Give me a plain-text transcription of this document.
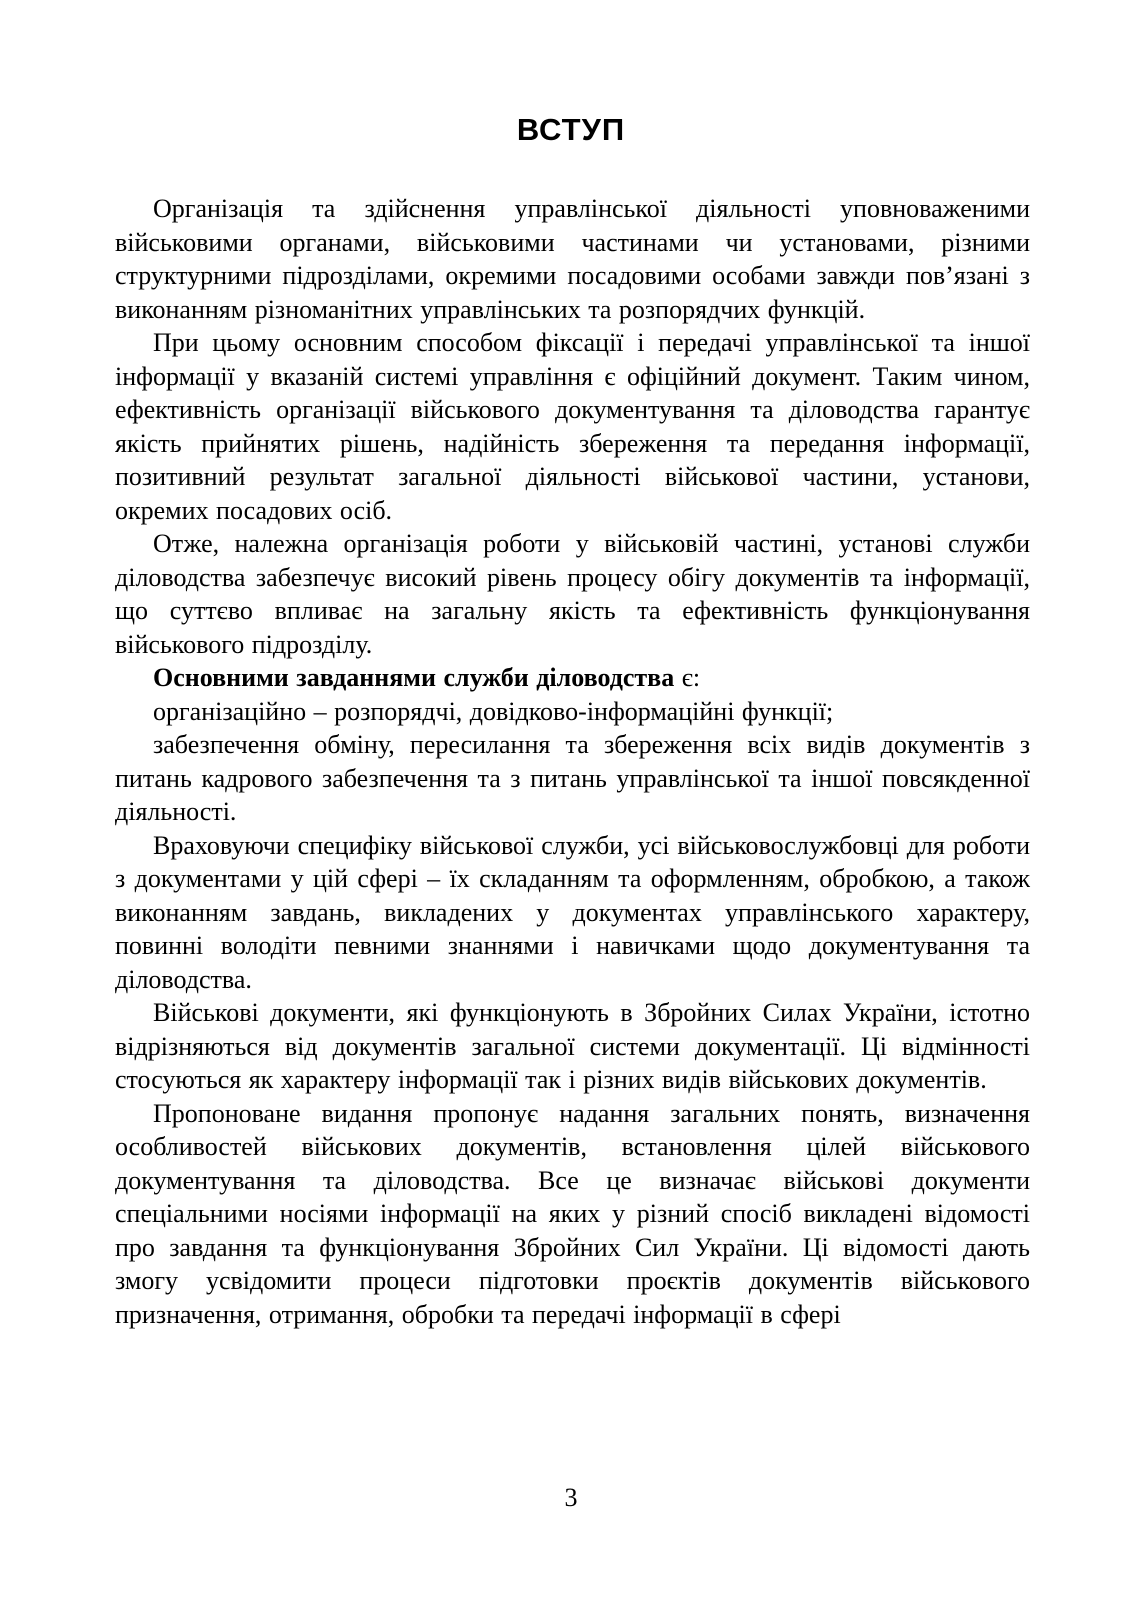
ВСТУП

Організація та здійснення управлінської діяльності уповноваженими військовими органами, військовими частинами чи установами, різними структурними підрозділами, окремими посадовими особами завжди пов’язані з виконанням різноманітних управлінських та розпорядчих функцій.

При цьому основним способом фіксації і передачі управлінської та іншої інформації у вказаній системі управління є офіційний документ. Таким чином, ефективність організації військового документування та діловодства гарантує якість прийнятих рішень, надійність збереження та передання інформації, позитивний результат загальної діяльності військової частини, установи, окремих посадових осіб.

Отже, належна організація роботи у військовій частині, установі служби діловодства забезпечує високий рівень процесу обігу документів та інформації, що суттєво впливає на загальну якість та ефективність функціонування військового підрозділу.

Основними завданнями служби діловодства є:

організаційно – розпорядчі, довідково-інформаційні функції;

забезпечення обміну, пересилання та збереження всіх видів документів з питань кадрового забезпечення та з питань управлінської та іншої повсякденної діяльності.

Враховуючи специфіку військової служби, усі військовослужбовці для роботи з документами у цій сфері – їх складанням та оформленням, обробкою, а також виконанням завдань, викладених у документах управлінського характеру, повинні володіти певними знаннями і навичками щодо документування та діловодства.

Військові документи, які функціонують в Збройних Силах України, істотно відрізняються від документів загальної системи документації. Ці відмінності стосуються як характеру інформації так і різних видів військових документів.

Пропоноване видання пропонує надання загальних понять, визначення особливостей військових документів, встановлення цілей військового документування та діловодства. Все це визначає військові документи спеціальними носіями інформації на яких у різний спосіб викладені відомості про завдання та функціонування Збройних Сил України. Ці відомості дають змогу усвідомити процеси підготовки проєктів документів військового призначення, отримання, обробки та передачі інформації в сфері

3
